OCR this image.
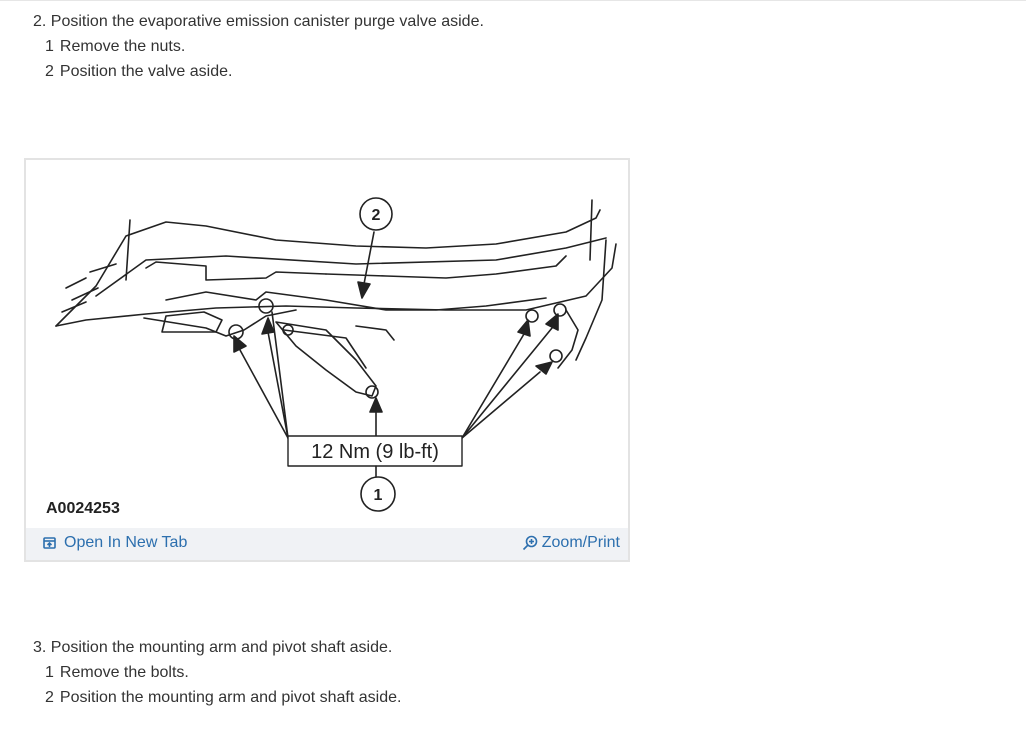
2. Position the evaporative emission canister purge valve aside.

1 Remove the nuts.
2 Position the valve aside.
2
12 Nm (9 lb-ft)
1
A0024253
Open In New Tab	Zoom/Print

3. Position the mounting arm and pivot shaft aside.

1 Remove the bolts.
2 Position the mounting arm and pivot shaft aside.
